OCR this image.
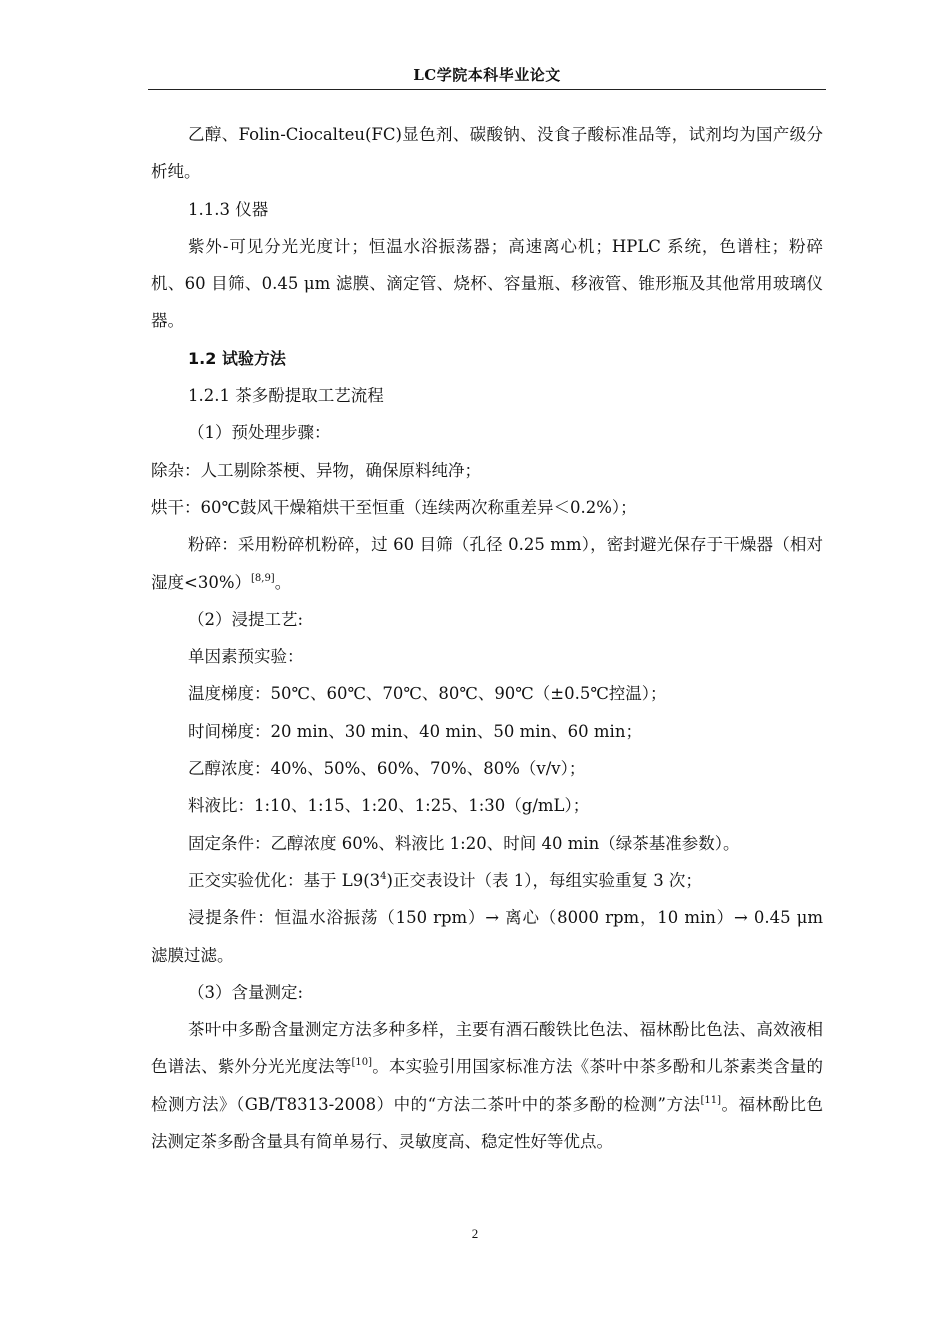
LC学院本科毕业论文

乙醇、Folin-Ciocalteu(FC)显色剂、碳酸钠、没食子酸标准品等，试剂均为国产级分析纯。

1.1.3 仪器

紫外-可见分光光度计；恒温水浴振荡器；高速离心机；HPLC 系统，色谱柱；粉碎机、60 目筛、0.45 μm 滤膜、滴定管、烧杯、容量瓶、移液管、锥形瓶及其他常用玻璃仪器。

1.2 试验方法

1.2.1 茶多酚提取工艺流程

（1）预处理步骤：

除杂：人工剔除茶梗、异物，确保原料纯净；

烘干：60℃鼓风干燥箱烘干至恒重（连续两次称重差异＜0.2%）；

粉碎：采用粉碎机粉碎，过 60 目筛（孔径 0.25 mm），密封避光保存于干燥器（相对湿度<30%）[8,9]。

（2）浸提工艺:

单因素预实验：

温度梯度：50℃、60℃、70℃、80℃、90℃（±0.5℃控温）；

时间梯度：20 min、30 min、40 min、50 min、60 min；

乙醇浓度：40%、50%、60%、70%、80%（v/v）；

料液比：1:10、1:15、1:20、1:25、1:30（g/mL）；

固定条件：乙醇浓度 60%、料液比 1:20、时间 40 min（绿茶基准参数）。

正交实验优化：基于 $L9(3^4)$正交表设计（表 1），每组实验重复 3 次；

浸提条件：恒温水浴振荡（150 rpm）→ 离心（8000 rpm，10 min）→ 0.45 μm 滤膜过滤。

（3）含量测定:

茶叶中多酚含量测定方法多种多样，主要有酒石酸铁比色法、福林酚比色法、高效液相色谱法、紫外分光光度法等[10]。本实验引用国家标准方法《茶叶中茶多酚和儿茶素类含量的检测方法》（GB/T8313-2008）中的“方法二茶叶中的茶多酚的检测”方法[11]。福林酚比色法测定茶多酚含量具有简单易行、灵敏度高、稳定性好等优点。

2
